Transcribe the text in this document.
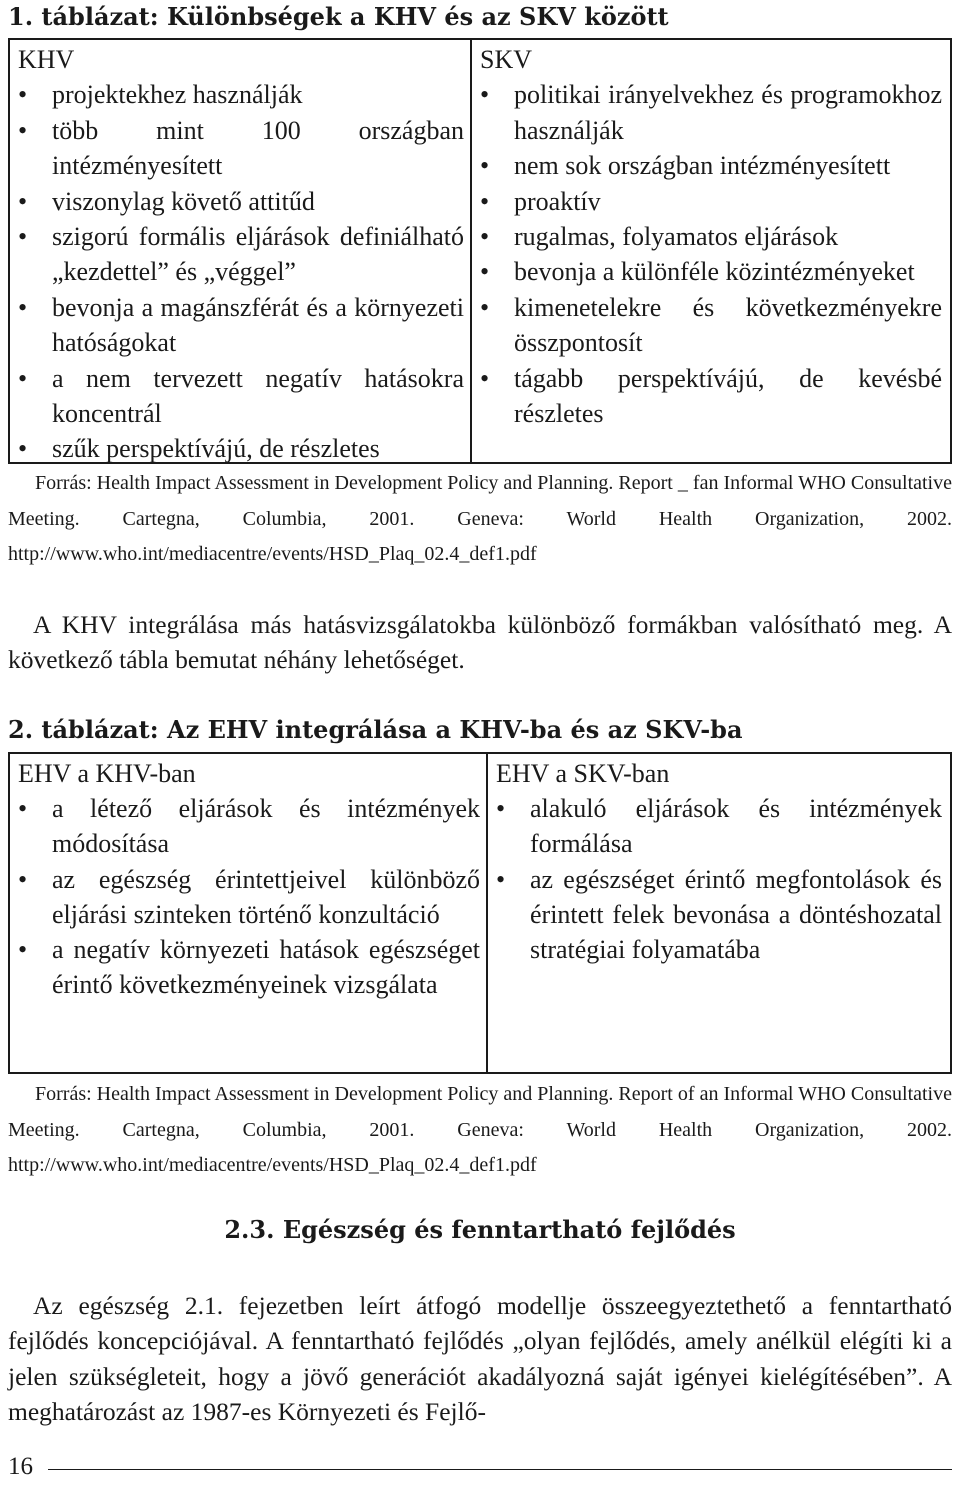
1. táblázat: Különbségek a KHV és az SKV között
KHV
• projektekhez használják
• több mint 100 országban intézményesített
• viszonylag követő attitűd
• szigorú formális eljárások definiálható „kezdettel” és „véggel”
• bevonja a magánszférát és a környezeti hatóságokat
• a nem tervezett negatív hatásokra koncentrál
• szűk perspektívájú, de részletes
SKV
• politikai irányelvekhez és programokhoz használják
• nem sok országban intézményesített
• proaktív
• rugalmas, folyamatos eljárások
• bevonja a különféle közintézményeket
• kimenetelekre és következményekre összpontosít
• tágabb perspektívájú, de kevésbé részletes

Forrás: Health Impact Assessment in Development Policy and Planning. Report _ fan Informal WHO Consultative Meeting. Cartegna, Columbia, 2001. Geneva: World Health Organization, 2002. http://www.who.int/mediacentre/events/HSD_Plaq_02.4_def1.pdf

A KHV integrálása más hatásvizsgálatokba különböző formákban valósítható meg. A következő tábla bemutat néhány lehetőséget.

2. táblázat: Az EHV integrálása a KHV-ba és az SKV-ba
EHV a KHV-ban
• a létező eljárások és intézmények módosítása
• az egészség érintettjeivel különböző eljárási szinteken történő konzultáció
• a negatív környezeti hatások egészséget érintő következményeinek vizsgálata
EHV a SKV-ban
• alakuló eljárások és intézmények formálása
• az egészséget érintő megfontolások és érintett felek bevonása a döntéshozatal stratégiai folyamatába

Forrás: Health Impact Assessment in Development Policy and Planning. Report of an Informal WHO Consultative Meeting. Cartegna, Columbia, 2001. Geneva: World Health Organization, 2002. http://www.who.int/mediacentre/events/HSD_Plaq_02.4_def1.pdf

2.3. Egészség és fenntartható fejlődés

Az egészség 2.1. fejezetben leírt átfogó modellje összeegyeztethető a fenntartható fejlődés koncepciójával. A fenntartható fejlődés „olyan fejlődés, amely anélkül elégíti ki a jelen szükségleteit, hogy a jövő generációt akadályozná saját igényei kielégítésében”. A meghatározást az 1987-es Környezeti és Fejlő-

16
